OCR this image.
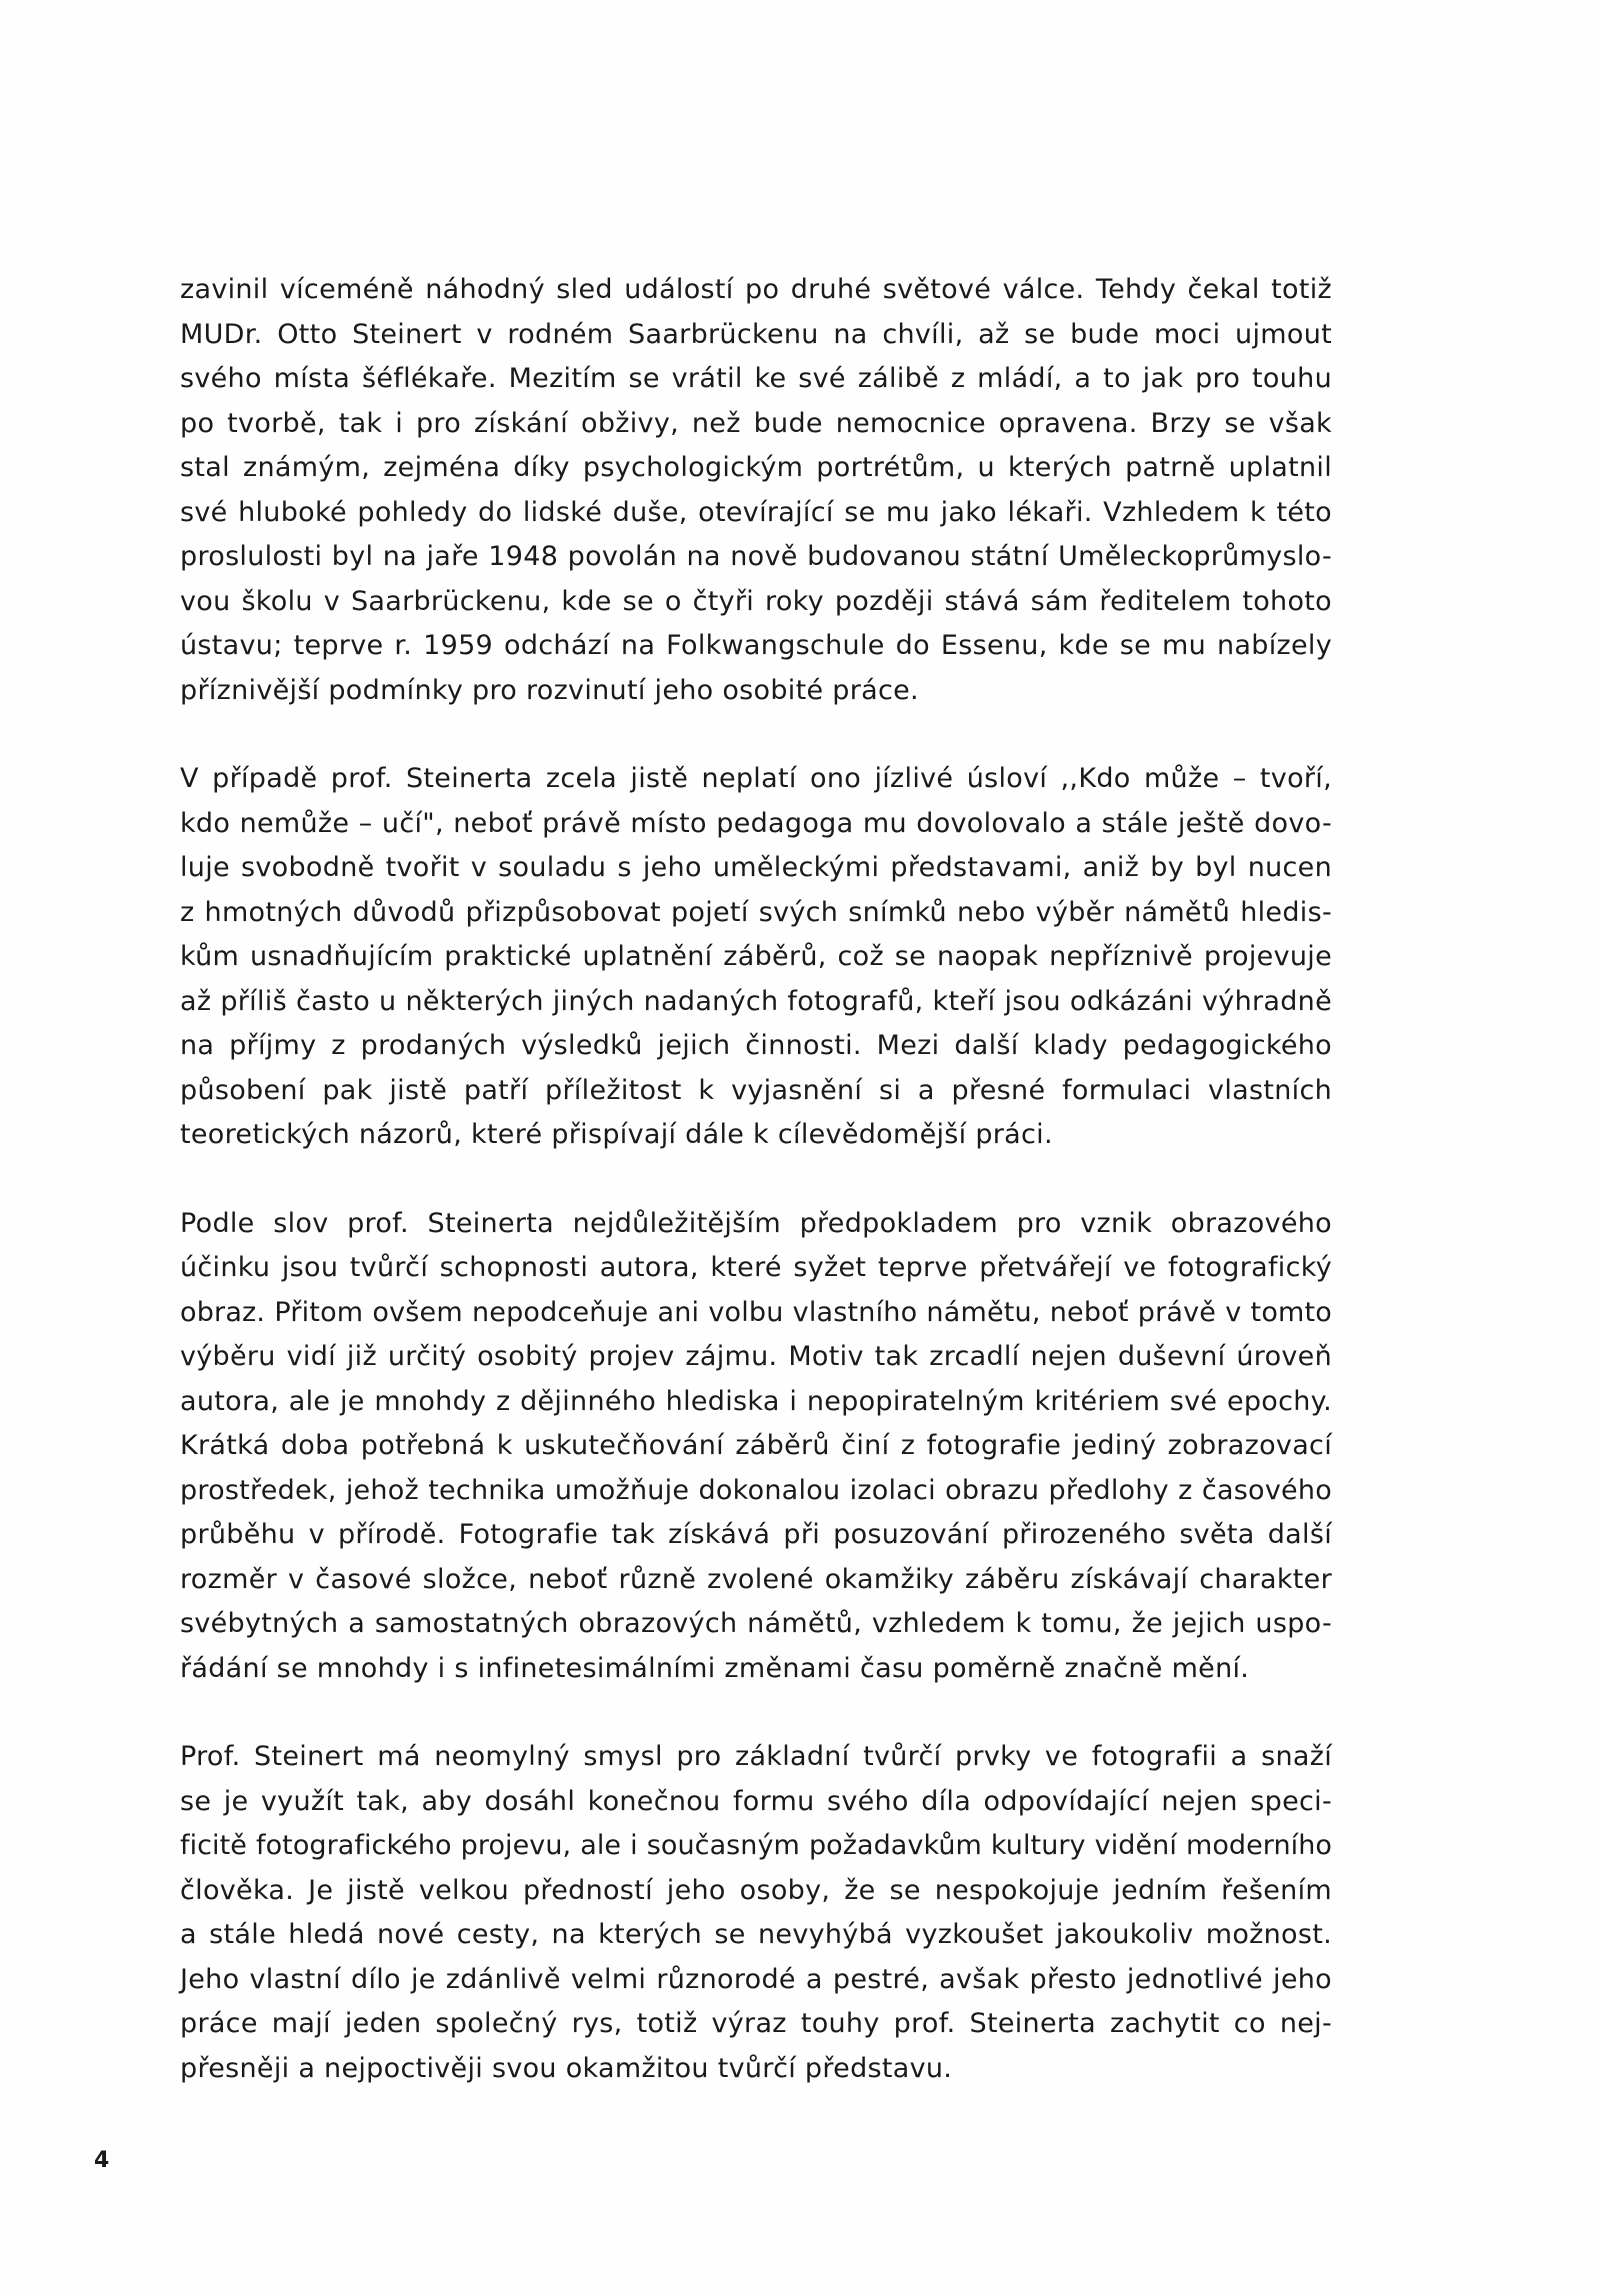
zavinil víceméně náhodný sled událostí po druhé světové válce. Tehdy čekal totiž
MUDr. Otto Steinert v rodném Saarbrückenu na chvíli, až se bude moci ujmout
svého místa šéflékaře. Mezitím se vrátil ke své zálibě z mládí, a to jak pro touhu
po tvorbě, tak i pro získání obživy, než bude nemocnice opravena. Brzy se však
stal známým, zejména díky psychologickým portrétům, u kterých patrně uplatnil
své hluboké pohledy do lidské duše, otevírající se mu jako lékaři. Vzhledem k této
proslulosti byl na jaře 1948 povolán na nově budovanou státní Uměleckoprůmyslo-
vou školu v Saarbrückenu, kde se o čtyři roky později stává sám ředitelem tohoto
ústavu; teprve r. 1959 odchází na Folkwangschule do Essenu, kde se mu nabízely
příznivější podmínky pro rozvinutí jeho osobité práce.

V případě prof. Steinerta zcela jistě neplatí ono jízlivé úsloví ,,Kdo může – tvoří,
kdo nemůže – učí", neboť právě místo pedagoga mu dovolovalo a stále ještě dovo-
luje svobodně tvořit v souladu s jeho uměleckými představami, aniž by byl nucen
z hmotných důvodů přizpůsobovat pojetí svých snímků nebo výběr námětů hledis-
kům usnadňujícím praktické uplatnění záběrů, což se naopak nepříznivě projevuje
až příliš často u některých jiných nadaných fotografů, kteří jsou odkázáni výhradně
na příjmy z prodaných výsledků jejich činnosti. Mezi další klady pedagogického
působení pak jistě patří příležitost k vyjasnění si a přesné formulaci vlastních
teoretických názorů, které přispívají dále k cílevědomější práci.

Podle slov prof. Steinerta nejdůležitějším předpokladem pro vznik obrazového
účinku jsou tvůrčí schopnosti autora, které syžet teprve přetvářejí ve fotografický
obraz. Přitom ovšem nepodceňuje ani volbu vlastního námětu, neboť právě v tomto
výběru vidí již určitý osobitý projev zájmu. Motiv tak zrcadlí nejen duševní úroveň
autora, ale je mnohdy z dějinného hlediska i nepopiratelným kritériem své epochy.
Krátká doba potřebná k uskutečňování záběrů činí z fotografie jediný zobrazovací
prostředek, jehož technika umožňuje dokonalou izolaci obrazu předlohy z časového
průběhu v přírodě. Fotografie tak získává při posuzování přirozeného světa další
rozměr v časové složce, neboť různě zvolené okamžiky záběru získávají charakter
svébytných a samostatných obrazových námětů, vzhledem k tomu, že jejich uspo-
řádání se mnohdy i s infinetesimálními změnami času poměrně značně mění.

Prof. Steinert má neomylný smysl pro základní tvůrčí prvky ve fotografii a snaží
se je využít tak, aby dosáhl konečnou formu svého díla odpovídající nejen speci-
ficitě fotografického projevu, ale i současným požadavkům kultury vidění moderního
člověka. Je jistě velkou předností jeho osoby, že se nespokojuje jedním řešením
a stále hledá nové cesty, na kterých se nevyhýbá vyzkoušet jakoukoliv možnost.
Jeho vlastní dílo je zdánlivě velmi různorodé a pestré, avšak přesto jednotlivé jeho
práce mají jeden společný rys, totiž výraz touhy prof. Steinerta zachytit co nej-
přesněji a nejpoctivěji svou okamžitou tvůrčí představu.

4
